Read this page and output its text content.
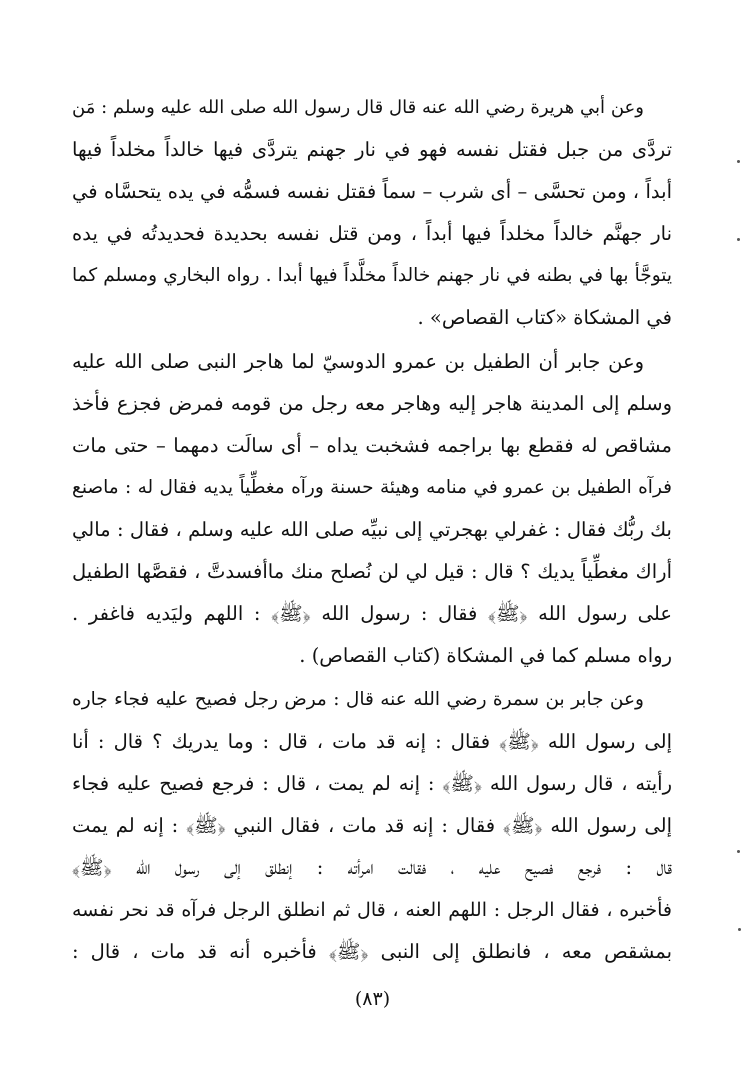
وعن أبي هريرة رضي الله عنه قال قال رسول الله صلى الله عليه وسلم : مَن
تردَّى من جبل فقتل نفسه فهو في نار جهنم يتردَّى فيها خالداً مخلداً فيها
أبداً ، ومن تحسَّى – أى شرب – سماً فقتل نفسه فسمُّه في يده يتحسَّاه في
نار جهنَّم خالداً مخلداً فيها أبداً ، ومن قتل نفسه بحديدة فحديدتُه في يده
يتوجَّأ بها في بطنه في نار جهنم خالداً مخلَّداً فيها أبدا . رواه البخاري ومسلم كما
في المشكاة «كتاب القصاص» .
وعن جابر أن الطفيل بن عمرو الدوسيّ لما هاجر النبى صلى الله عليه
وسلم إلى المدينة هاجر إليه وهاجر معه رجل من قومه فمرض فجزع فأخذ
مشاقص له فقطع بها براجمه فشخبت يداه – أى سالَت دمهما – حتى مات
فرآه الطفيل بن عمرو في منامه وهيئة حسنة ورآه مغطِّياً يديه فقال له : ماصنع
بك ربُّك فقال : غفرلي بهجرتي إلى نبيِّه صلى الله عليه وسلم ، فقال : مالي
أراك مغطِّياً يديك ؟ قال : قيل لي لن نُصلح منك ماأفسدتَّ ، فقصَّها الطفيل
على رسول الله ﴿ﷺ﴾ فقال : رسول الله ﴿ﷺ﴾ : اللهم وليَديه فاغفر .
رواه مسلم كما في المشكاة (كتاب القصاص) .
وعن جابر بن سمرة رضي الله عنه قال : مرض رجل فصيح عليه فجاء جاره
إلى رسول الله ﴿ﷺ﴾ فقال : إنه قد مات ، قال : وما يدريك ؟ قال : أنا
رأيته ، قال رسول الله ﴿ﷺ﴾ : إنه لم يمت ، قال : فرجع فصيح عليه فجاء
إلى رسول الله ﴿ﷺ﴾ فقال : إنه قد مات ، فقال النبي ﴿ﷺ﴾ : إنه لم يمت
قال : فرجع فصيح عليه ، فقالت امرأته : إنطلق إلى رسول الله ﴿ﷺ﴾
فأخبره ، فقال الرجل : اللهم العنه ، قال ثم انطلق الرجل فرآه قد نحر نفسه
بمشقص معه ، فانطلق إلى النبى ﴿ﷺ﴾ فأخبره أنه قد مات ، قال :
(٨٣)
